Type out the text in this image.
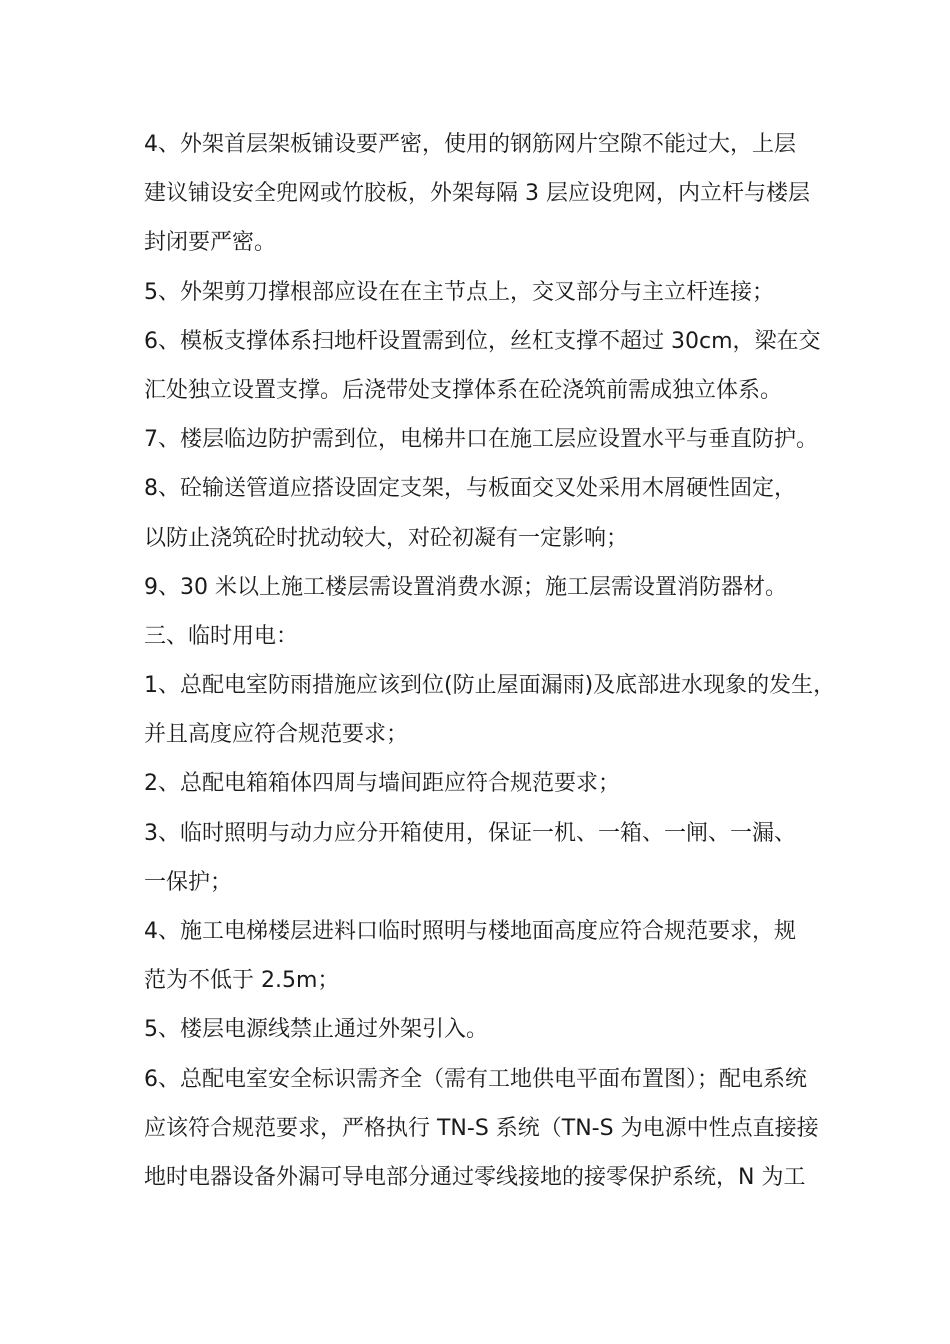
4、外架首层架板铺设要严密，使用的钢筋网片空隙不能过大，上层
建议铺设安全兜网或竹胶板，外架每隔 3 层应设兜网，内立杆与楼层
封闭要严密。
5、外架剪刀撑根部应设在在主节点上，交叉部分与主立杆连接；
6、模板支撑体系扫地杆设置需到位，丝杠支撑不超过 30cm，梁在交
汇处独立设置支撑。后浇带处支撑体系在砼浇筑前需成独立体系。
7、楼层临边防护需到位，电梯井口在施工层应设置水平与垂直防护。
8、砼输送管道应搭设固定支架，与板面交叉处采用木屑硬性固定，
以防止浇筑砼时扰动较大，对砼初凝有一定影响；
9、30 米以上施工楼层需设置消费水源；施工层需设置消防器材。
三、临时用电：
1、总配电室防雨措施应该到位(防止屋面漏雨)及底部进水现象的发生，
并且高度应符合规范要求；
2、总配电箱箱体四周与墙间距应符合规范要求；
3、临时照明与动力应分开箱使用，保证一机、一箱、一闸、一漏、
一保护；
4、施工电梯楼层进料口临时照明与楼地面高度应符合规范要求，规
范为不低于 2.5m；
5、楼层电源线禁止通过外架引入。
6、总配电室安全标识需齐全（需有工地供电平面布置图）；配电系统
应该符合规范要求，严格执行 TN-S 系统（TN-S 为电源中性点直接接
地时电器设备外漏可导电部分通过零线接地的接零保护系统，N 为工
